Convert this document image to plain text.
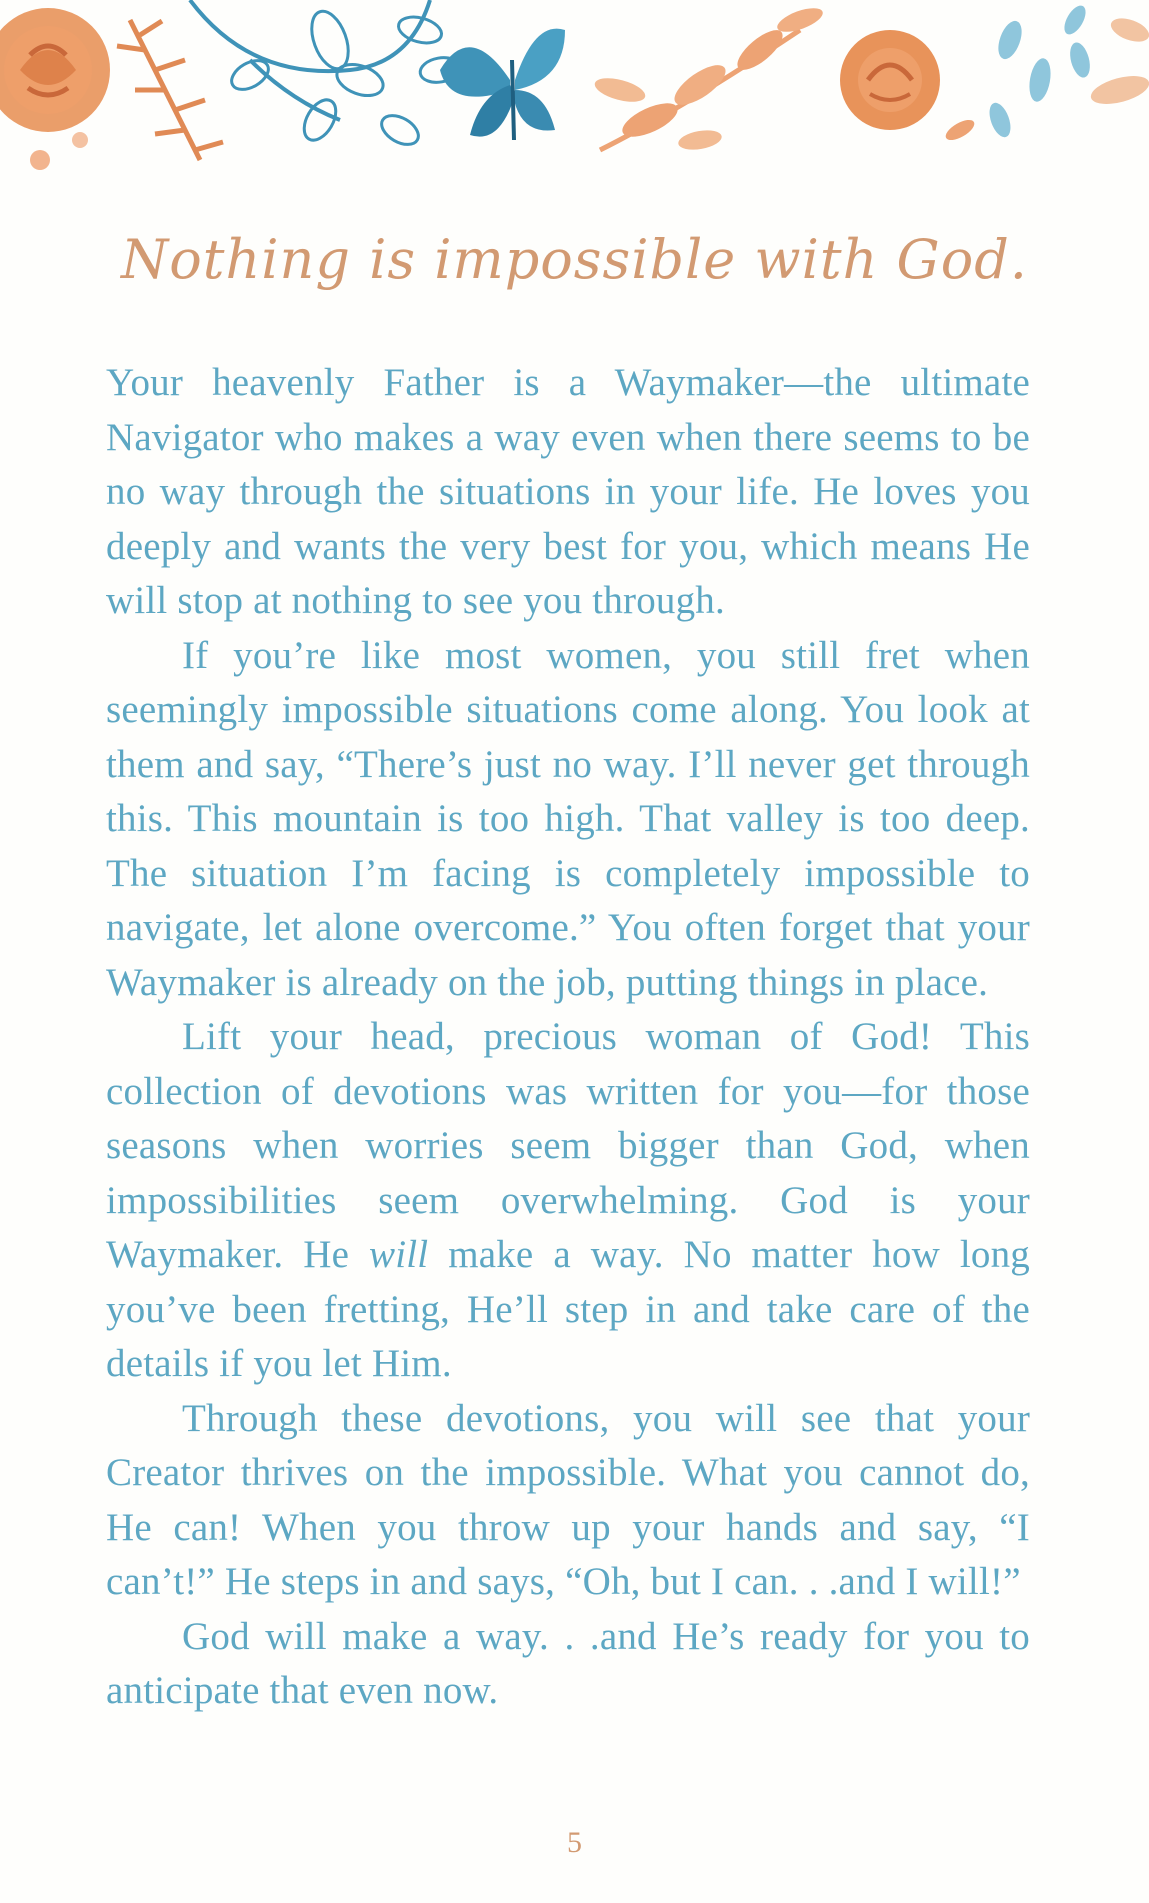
Nothing is impossible with God.

Your heavenly Father is a Waymaker—the ultimate Navigator who makes a way even when there seems to be no way through the situations in your life. He loves you deeply and wants the very best for you, which means He will stop at nothing to see you through.

If you’re like most women, you still fret when seemingly impossible situations come along. You look at them and say, “There’s just no way. I’ll never get through this. This mountain is too high. That valley is too deep. The situation I’m facing is completely impossible to navigate, let alone overcome.” You often forget that your Waymaker is already on the job, putting things in place.

Lift your head, precious woman of God! This collection of devotions was written for you—for those seasons when worries seem bigger than God, when impossibilities seem overwhelming. God is your Waymaker. He will make a way. No matter how long you’ve been fretting, He’ll step in and take care of the details if you let Him.

Through these devotions, you will see that your Creator thrives on the impossible. What you cannot do, He can! When you throw up your hands and say, “I can’t!” He steps in and says, “Oh, but I can. . .and I will!”

God will make a way. . .and He’s ready for you to anticipate that even now.

5
